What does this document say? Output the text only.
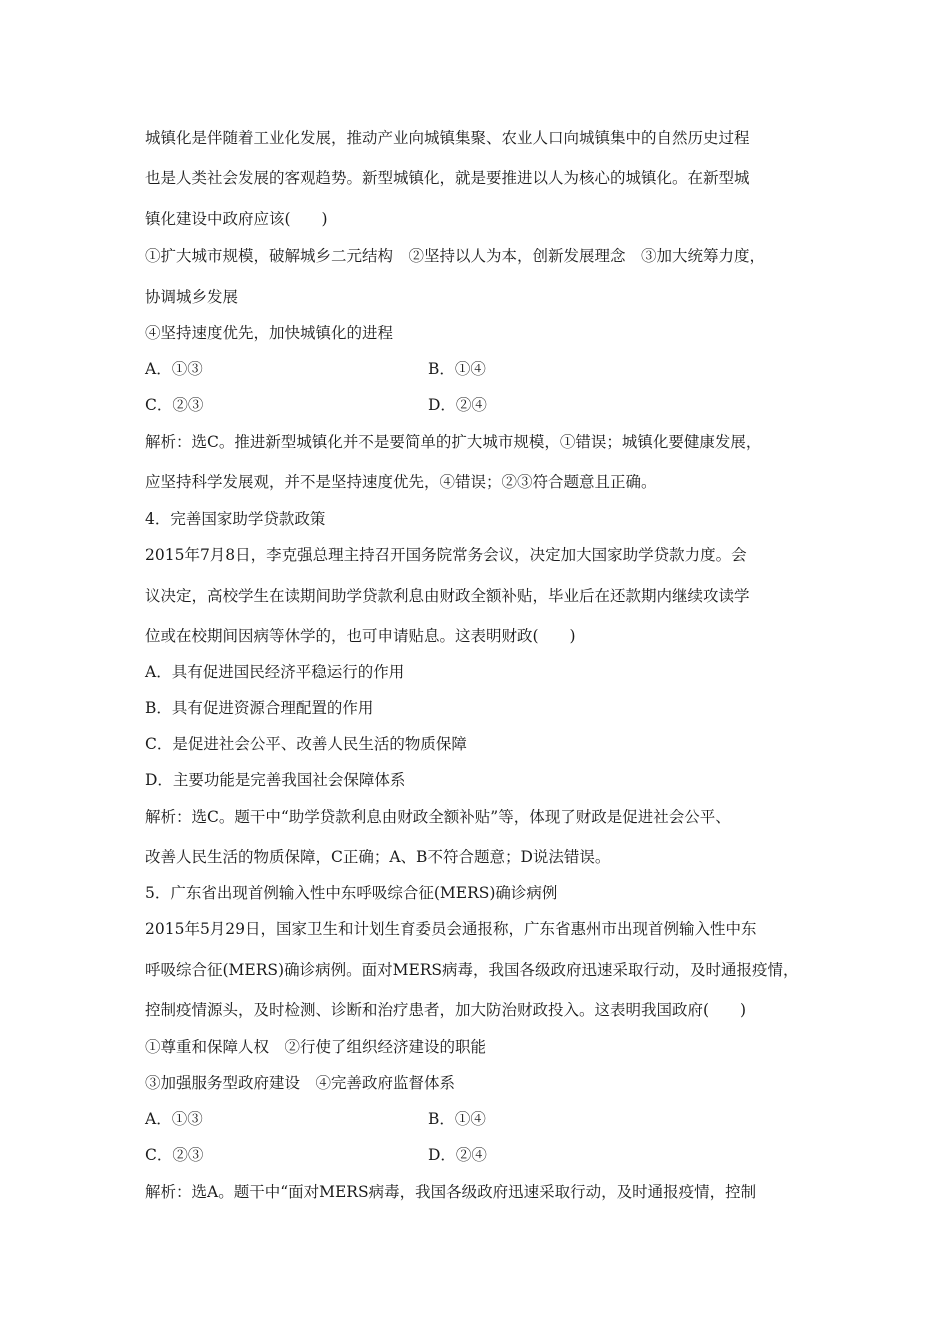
城镇化是伴随着工业化发展，推动产业向城镇集聚、农业人口向城镇集中的自然历史过程
也是人类社会发展的客观趋势。新型城镇化，就是要推进以人为核心的城镇化。在新型城
镇化建设中政府应该(　　)
①扩大城市规模，破解城乡二元结构　②坚持以人为本，创新发展理念　③加大统筹力度，
协调城乡发展
④坚持速度优先，加快城镇化的进程
A．①③	B．①④
C．②③	D．②④
解析：选C。推进新型城镇化并不是要简单的扩大城市规模，①错误；城镇化要健康发展，
应坚持科学发展观，并不是坚持速度优先，④错误；②③符合题意且正确。
4．完善国家助学贷款政策
2015年7月8日，李克强总理主持召开国务院常务会议，决定加大国家助学贷款力度。会
议决定，高校学生在读期间助学贷款利息由财政全额补贴，毕业后在还款期内继续攻读学
位或在校期间因病等休学的，也可申请贴息。这表明财政(　　)
A．具有促进国民经济平稳运行的作用
B．具有促进资源合理配置的作用
C．是促进社会公平、改善人民生活的物质保障
D．主要功能是完善我国社会保障体系
解析：选C。题干中“助学贷款利息由财政全额补贴”等，体现了财政是促进社会公平、
改善人民生活的物质保障，C正确；A、B不符合题意；D说法错误。
5．广东省出现首例输入性中东呼吸综合征(MERS)确诊病例
2015年5月29日，国家卫生和计划生育委员会通报称，广东省惠州市出现首例输入性中东
呼吸综合征(MERS)确诊病例。面对MERS病毒，我国各级政府迅速采取行动，及时通报疫情，
控制疫情源头，及时检测、诊断和治疗患者，加大防治财政投入。这表明我国政府(　　)
①尊重和保障人权　②行使了组织经济建设的职能
③加强服务型政府建设　④完善政府监督体系
A．①③	B．①④
C．②③	D．②④
解析：选A。题干中“面对MERS病毒，我国各级政府迅速采取行动，及时通报疫情，控制
